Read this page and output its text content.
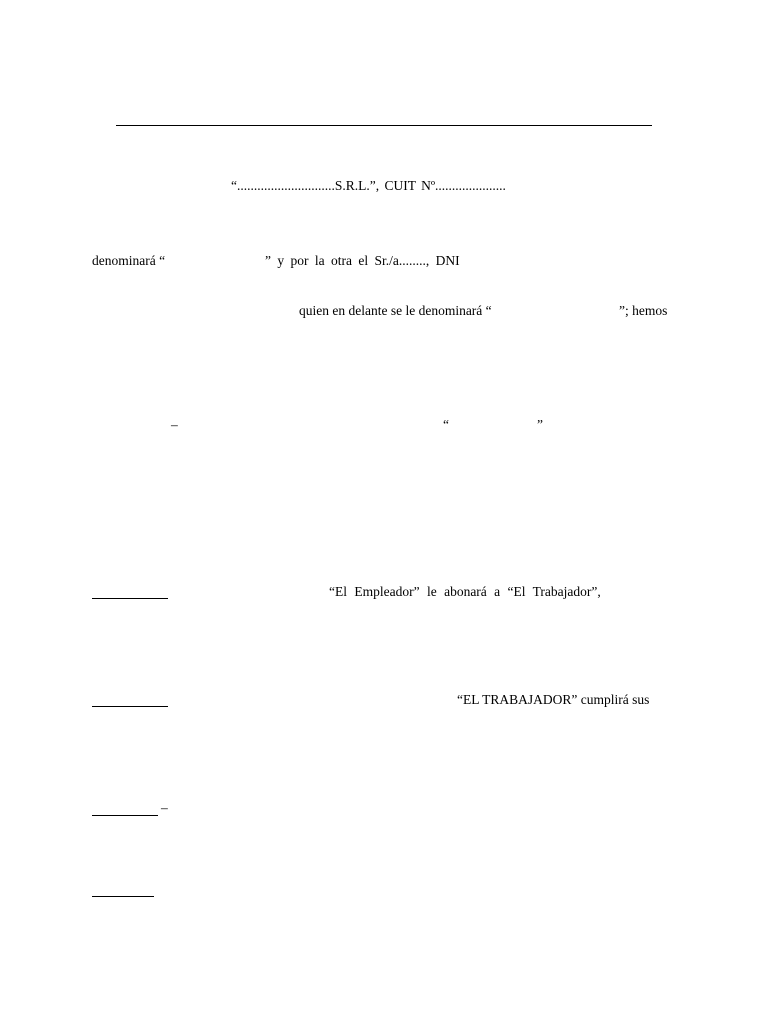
“.............................S.R.L.”, CUIT Nº.....................
denominará “	” y por la otra el Sr./a........, DNI
quien en delante se le denominará “	”; hemos
–	“	”
“El Empleador” le abonará a “El Trabajador”,
“EL TRABAJADOR” cumplirá sus
–
